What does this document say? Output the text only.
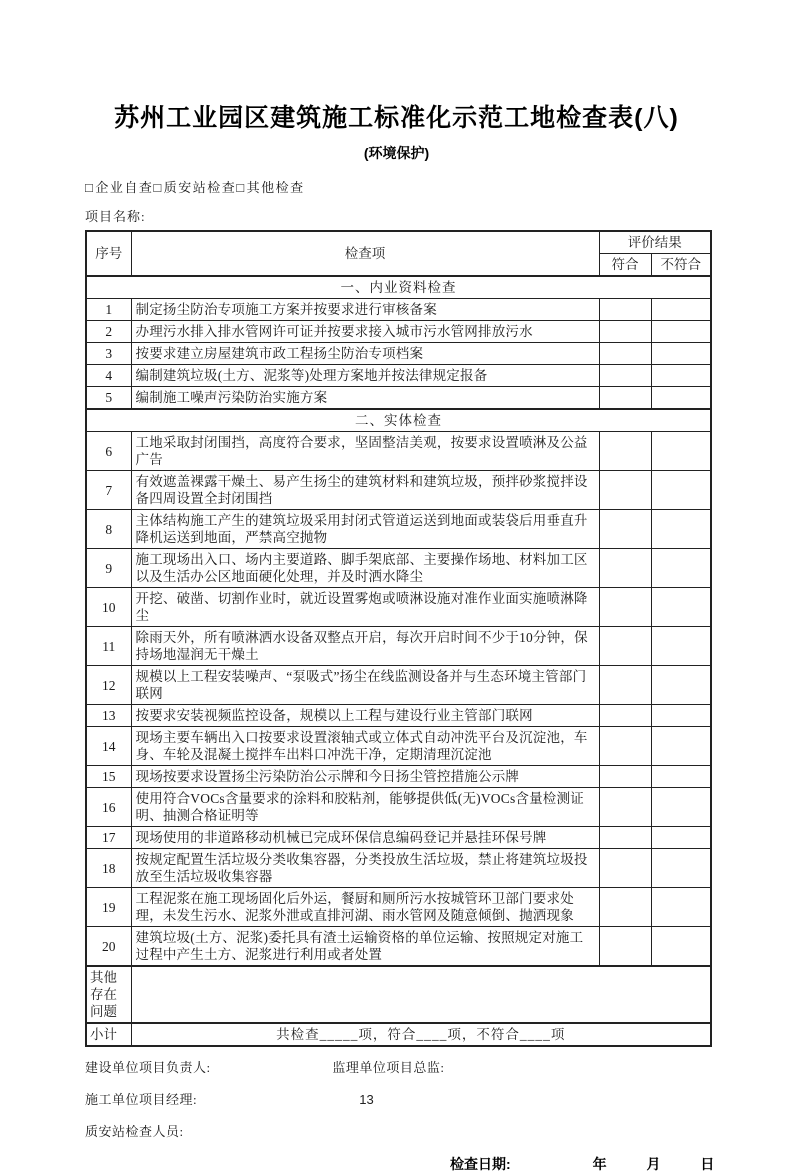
苏州工业园区建筑施工标准化示范工地检查表(八)
(环境保护)
□企业自查□质安站检查□其他检查
项目名称:
序号	检查项	评价结果	
		符合	不符合
一、内业资料检查			
1	制定扬尘防治专项施工方案并按要求进行审核备案		
2	办理污水排入排水管网许可证并按要求接入城市污水管网排放污水		
3	按要求建立房屋建筑市政工程扬尘防治专项档案		
4	编制建筑垃圾(土方、泥浆等)处理方案地并按法律规定报备		
5	编制施工噪声污染防治实施方案		
二、实体检查			
6	工地采取封闭围挡，高度符合要求，坚固整洁美观，按要求设置喷淋及公益广告		
7	有效遮盖裸露干燥土、易产生扬尘的建筑材料和建筑垃圾，预拌砂浆搅拌设备四周设置全封闭围挡		
8	主体结构施工产生的建筑垃圾采用封闭式管道运送到地面或装袋后用垂直升降机运送到地面，严禁高空抛物		
9	施工现场出入口、场内主要道路、脚手架底部、主要操作场地、材料加工区以及生活办公区地面硬化处理，并及时洒水降尘		
10	开挖、破凿、切割作业时，就近设置雾炮或喷淋设施对准作业面实施喷淋降尘		
11	除雨天外，所有喷淋洒水设备双整点开启，每次开启时间不少于10分钟，保持场地湿润无干燥土		
12	规模以上工程安装噪声、“泵吸式”扬尘在线监测设备并与生态环境主管部门联网		
13	按要求安装视频监控设备，规模以上工程与建设行业主管部门联网		
14	现场主要车辆出入口按要求设置滚轴式或立体式自动冲洗平台及沉淀池，车身、车轮及混凝土搅拌车出料口冲洗干净，定期清理沉淀池		
15	现场按要求设置扬尘污染防治公示牌和今日扬尘管控措施公示牌		
16	使用符合VOCs含量要求的涂料和胶粘剂，能够提供低(无)VOCs含量检测证明、抽测合格证明等		
17	现场使用的非道路移动机械已完成环保信息编码登记并悬挂环保号牌		
18	按规定配置生活垃圾分类收集容器，分类投放生活垃圾，禁止将建筑垃圾投放至生活垃圾收集容器		
19	工程泥浆在施工现场固化后外运，餐厨和厕所污水按城管环卫部门要求处理，未发生污水、泥浆外泄或直排河湖、雨水管网及随意倾倒、抛洒现象		
20	建筑垃圾(土方、泥浆)委托具有渣土运输资格的单位运输、按照规定对施工过程中产生土方、泥浆进行利用或者处置		
其他存在问题			
小计	共检查_____项，符合____项，不符合____项		
建设单位项目负责人:	监理单位项目总监:
施工单位项目经理:
质安站检查人员:
检查日期:	年	月	日
13
